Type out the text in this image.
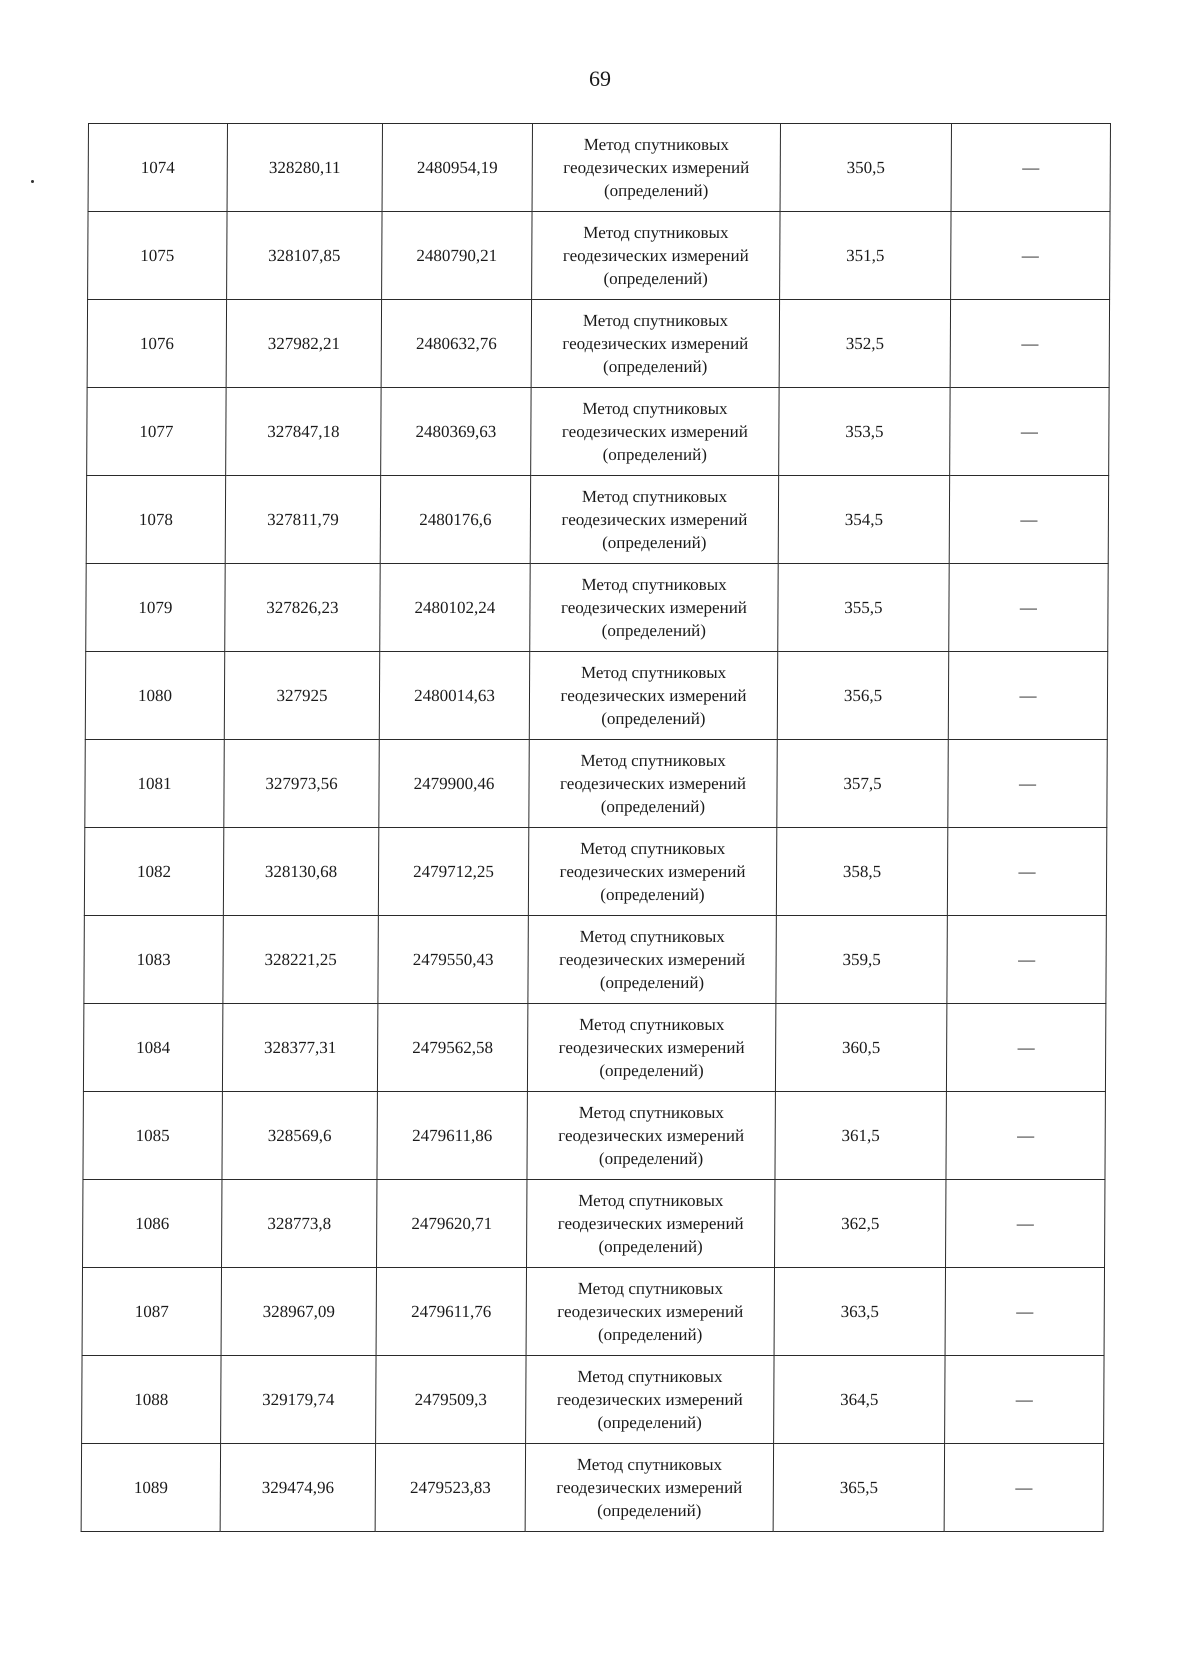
69
1074	328280,11	2480954,19	Метод спутниковых
геодезических измерений
(определений)	350,5	—
1075	328107,85	2480790,21	Метод спутниковых
геодезических измерений
(определений)	351,5	—
1076	327982,21	2480632,76	Метод спутниковых
геодезических измерений
(определений)	352,5	—
1077	327847,18	2480369,63	Метод спутниковых
геодезических измерений
(определений)	353,5	—
1078	327811,79	2480176,6	Метод спутниковых
геодезических измерений
(определений)	354,5	—
1079	327826,23	2480102,24	Метод спутниковых
геодезических измерений
(определений)	355,5	—
1080	327925	2480014,63	Метод спутниковых
геодезических измерений
(определений)	356,5	—
1081	327973,56	2479900,46	Метод спутниковых
геодезических измерений
(определений)	357,5	—
1082	328130,68	2479712,25	Метод спутниковых
геодезических измерений
(определений)	358,5	—
1083	328221,25	2479550,43	Метод спутниковых
геодезических измерений
(определений)	359,5	—
1084	328377,31	2479562,58	Метод спутниковых
геодезических измерений
(определений)	360,5	—
1085	328569,6	2479611,86	Метод спутниковых
геодезических измерений
(определений)	361,5	—
1086	328773,8	2479620,71	Метод спутниковых
геодезических измерений
(определений)	362,5	—
1087	328967,09	2479611,76	Метод спутниковых
геодезических измерений
(определений)	363,5	—
1088	329179,74	2479509,3	Метод спутниковых
геодезических измерений
(определений)	364,5	—
1089	329474,96	2479523,83	Метод спутниковых
геодезических измерений
(определений)	365,5	—
